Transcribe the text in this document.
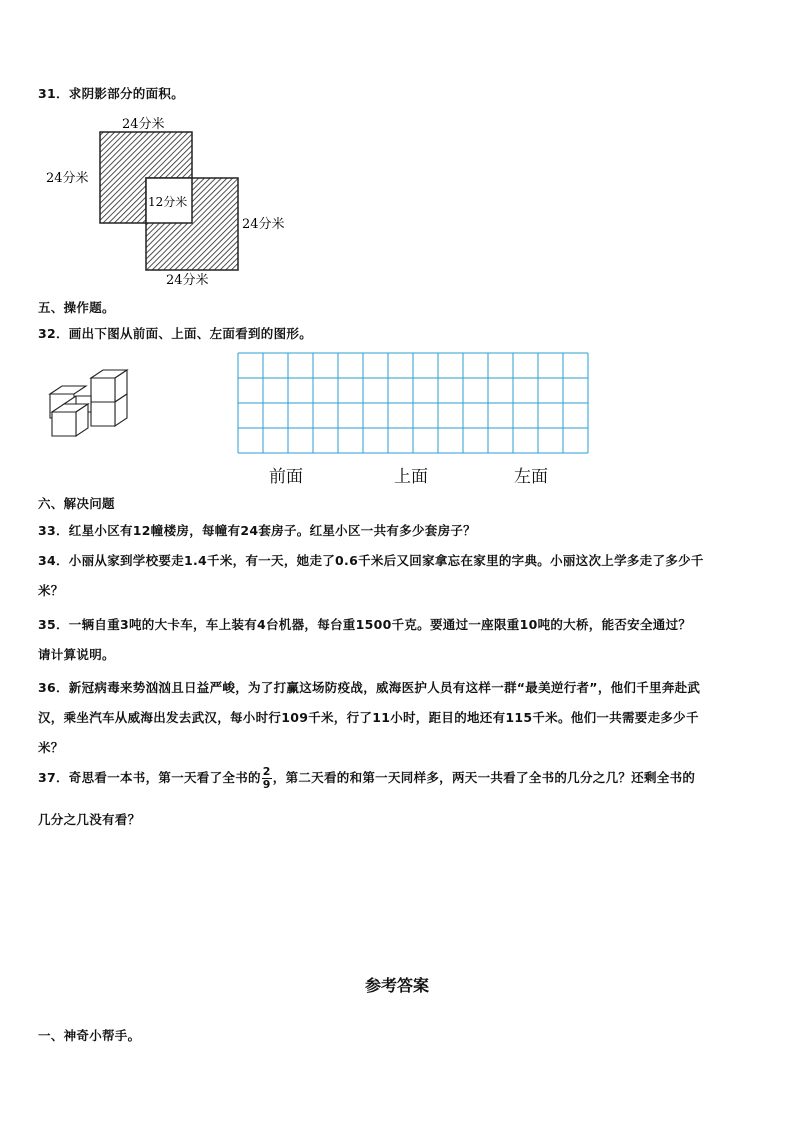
31．求阴影部分的面积。
24分米
24分米
12分米
24分米
24分米
五、操作题。
32．画出下图从前面、上面、左面看到的图形。
前面	上面	左面
六、解决问题
33．红星小区有12幢楼房，每幢有24套房子。红星小区一共有多少套房子？
34．小丽从家到学校要走1.4千米，有一天，她走了0.6千米后又回家拿忘在家里的字典。小丽这次上学多走了多少千
米？
35．一辆自重3吨的大卡车，车上装有4台机器，每台重1500千克。要通过一座限重10吨的大桥，能否安全通过？
请计算说明。
36．新冠病毒来势汹汹且日益严峻，为了打赢这场防疫战，威海医护人员有这样一群“最美逆行者”，他们千里奔赴武
汉，乘坐汽车从威海出发去武汉，每小时行109千米，行了11小时，距目的地还有115千米。他们一共需要走多少千
米？
37．奇思看一本书，第一天看了全书的 $\frac{2}{9}$ ，第二天看的和第一天同样多，两天一共看了全书的几分之几？还剩全书的
几分之几没有看？
参考答案
一、神奇小帮手。
